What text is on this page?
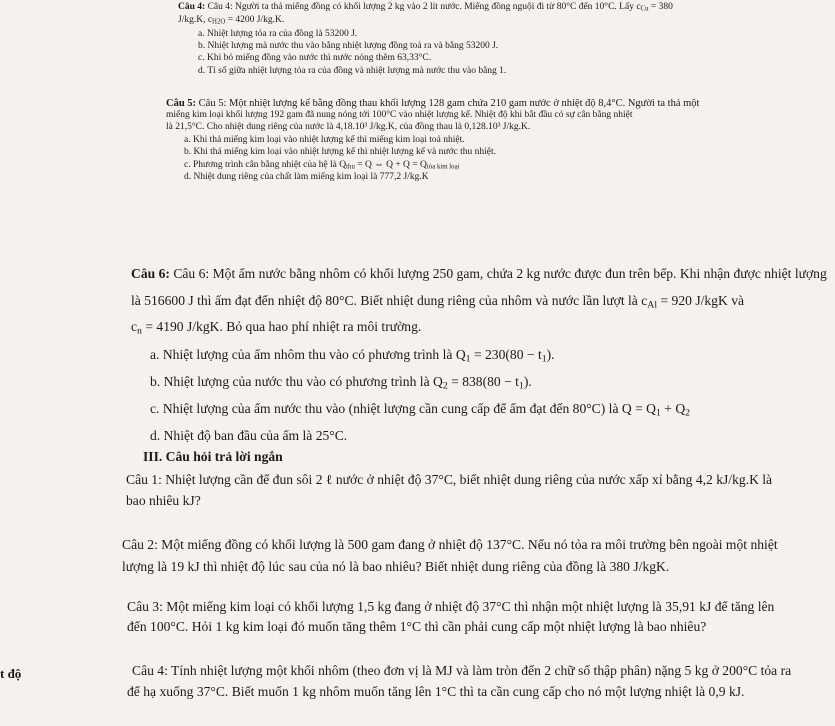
Câu 4: Câu 4: Người ta thả miếng đồng có khối lượng 2 kg vào 2 lít nước. Miếng đồng nguội đi từ 80°C đến 10°C. Lấy $c_{Cu} = 380$
J/kg.K, $c_{H2O} = 4200$ J/kg.K.
a. Nhiệt lượng tỏa ra của đồng là 53200 J.
b. Nhiệt lượng mà nước thu vào bằng nhiệt lượng đồng toả ra và bằng 53200 J.
c. Khi bỏ miếng đồng vào nước thì nước nóng thêm 63,33°C.
d. Tỉ số giữa nhiệt lượng tỏa ra của đồng và nhiệt lượng mà nước thu vào bằng 1.
Câu 5: Câu 5: Một nhiệt lượng kế bằng đồng thau khối lượng 128 gam chứa 210 gam nước ở nhiệt độ 8,4°C. Người ta thả một
miếng kim loại khối lượng 192 gam đã nung nóng tới 100°C vào nhiệt lượng kế. Nhiệt độ khi bắt đầu có sự cân bằng nhiệt
là 21,5°C. Cho nhiệt dung riêng của nước là 4,18.10³ J/kg.K, của đồng thau là 0,128.10³ J/kg.K.
a. Khi thả miếng kim loại vào nhiệt lượng kế thì miếng kim loại toả nhiệt.
b. Khi thả miếng kim loại vào nhiệt lượng kế thì nhiệt lượng kế và nước thu nhiệt.
c. Phương trình cân bằng nhiệt của hệ là $Q_{thu} = Q$ ⇔ $Q + Q = Q_{tỏa kim loại}$
d. Nhiệt dung riêng của chất làm miếng kim loại là 777,2 J/kg.K
Câu 6: Câu 6: Một ấm nước bằng nhôm có khối lượng 250 gam, chứa 2 kg nước được đun trên bếp. Khi nhận được nhiệt lượng
là 516600 J thì ấm đạt đến nhiệt độ 80°C. Biết nhiệt dung riêng của nhôm và nước lần lượt là $c_{Al} = 920$ J/kgK và
$c_n = 4190$ J/kgK. Bỏ qua hao phí nhiệt ra môi trường.
a. Nhiệt lượng của ấm nhôm thu vào có phương trình là $Q_1 = 230(80 - t_1)$.
b. Nhiệt lượng của nước thu vào có phương trình là $Q_2 = 838(80 - t_1)$.
c. Nhiệt lượng của ấm nước thu vào (nhiệt lượng cần cung cấp để ấm đạt đến 80°C) là $Q = Q_1 + Q_2$
d. Nhiệt độ ban đầu của ấm là 25°C.
III. Câu hỏi trả lời ngắn
Câu 1: Nhiệt lượng cần để đun sôi 2 ℓ nước ở nhiệt độ 37°C, biết nhiệt dung riêng của nước xấp xỉ bằng 4,2 kJ/kg.K là
bao nhiêu kJ?
Câu 2: Một miếng đồng có khối lượng là 500 gam đang ở nhiệt độ 137°C. Nếu nó tỏa ra môi trường bên ngoài một nhiệt
lượng là 19 kJ thì nhiệt độ lúc sau của nó là bao nhiêu? Biết nhiệt dung riêng của đồng là 380 J/kgK.
Câu 3: Một miếng kim loại có khối lượng 1,5 kg đang ở nhiệt độ 37°C thì nhận một nhiệt lượng là 35,91 kJ để tăng lên
đến 100°C. Hỏi 1 kg kim loại đó muốn tăng thêm 1°C thì cần phải cung cấp một nhiệt lượng là bao nhiêu?
Câu 4: Tính nhiệt lượng một khối nhôm (theo đơn vị là MJ và làm tròn đến 2 chữ số thập phân) nặng 5 kg ở 200°C tỏa ra
để hạ xuống 37°C. Biết muốn 1 kg nhôm muốn tăng lên 1°C thì ta cần cung cấp cho nó một lượng nhiệt là 0,9 kJ.
t độ
